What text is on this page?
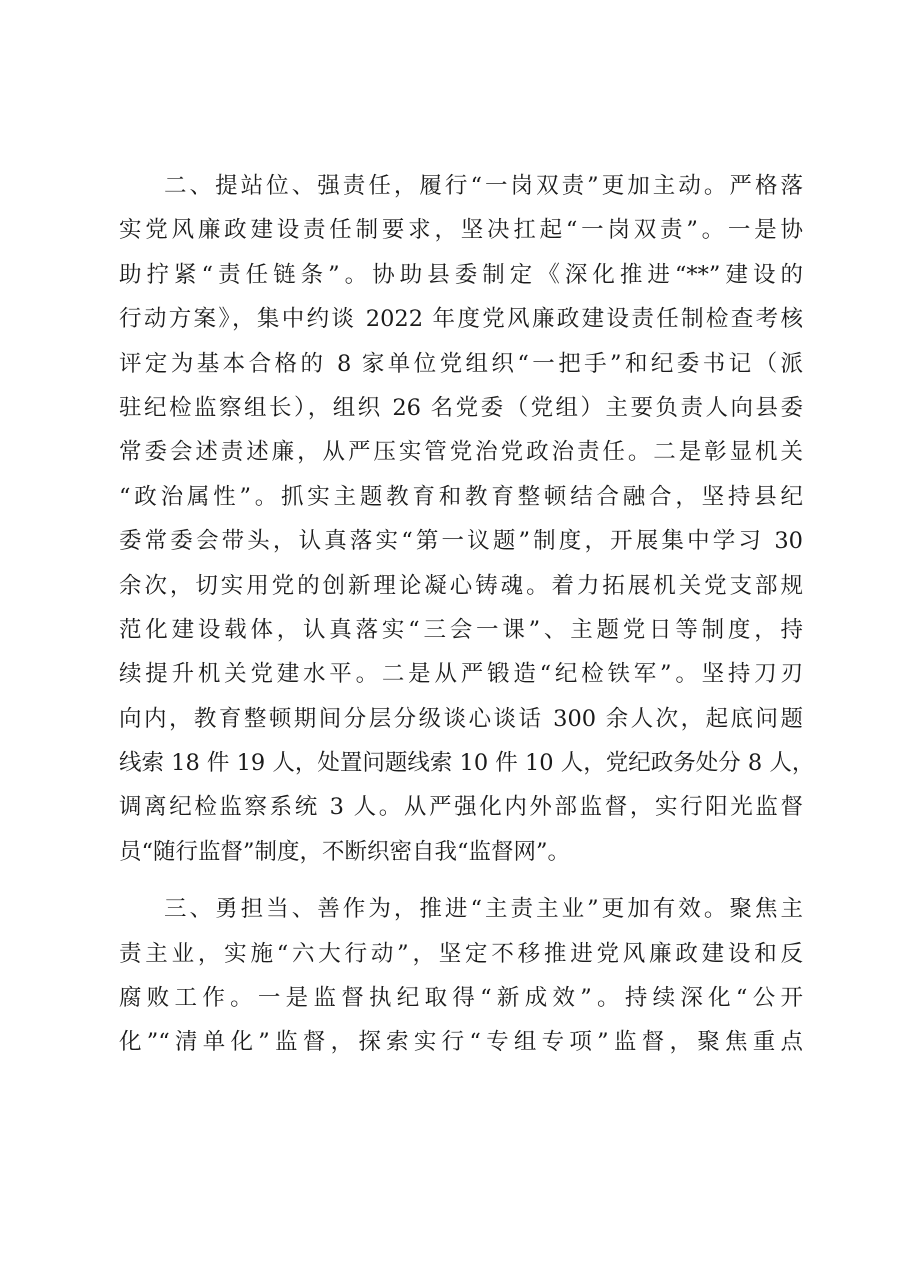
二、提站位、强责任，履行“一岗双责”更加主动。严格落
实党风廉政建设责任制要求，坚决扛起“一岗双责”。一是协
助拧紧“责任链条”。协助县委制定《深化推进“**”建设的
行动方案》，集中约谈 2022 年度党风廉政建设责任制检查考核
评定为基本合格的 8 家单位党组织“一把手”和纪委书记（派
驻纪检监察组长），组织 26 名党委（党组）主要负责人向县委
常委会述责述廉，从严压实管党治党政治责任。二是彰显机关
“政治属性”。抓实主题教育和教育整顿结合融合，坚持县纪
委常委会带头，认真落实“第一议题”制度，开展集中学习 30
余次，切实用党的创新理论凝心铸魂。着力拓展机关党支部规
范化建设载体，认真落实“三会一课”、主题党日等制度，持
续提升机关党建水平。二是从严锻造“纪检铁军”。坚持刀刃
向内，教育整顿期间分层分级谈心谈话 300 余人次，起底问题
线索 18 件 19 人，处置问题线索 10 件 10 人，党纪政务处分 8 人，
调离纪检监察系统 3 人。从严强化内外部监督，实行阳光监督
员“随行监督”制度，不断织密自我“监督网”。
三、勇担当、善作为，推进“主责主业”更加有效。聚焦主
责主业，实施“六大行动”，坚定不移推进党风廉政建设和反
腐败工作。一是监督执纪取得“新成效”。持续深化“公开
化”“清单化”监督，探索实行“专组专项”监督，聚焦重点
